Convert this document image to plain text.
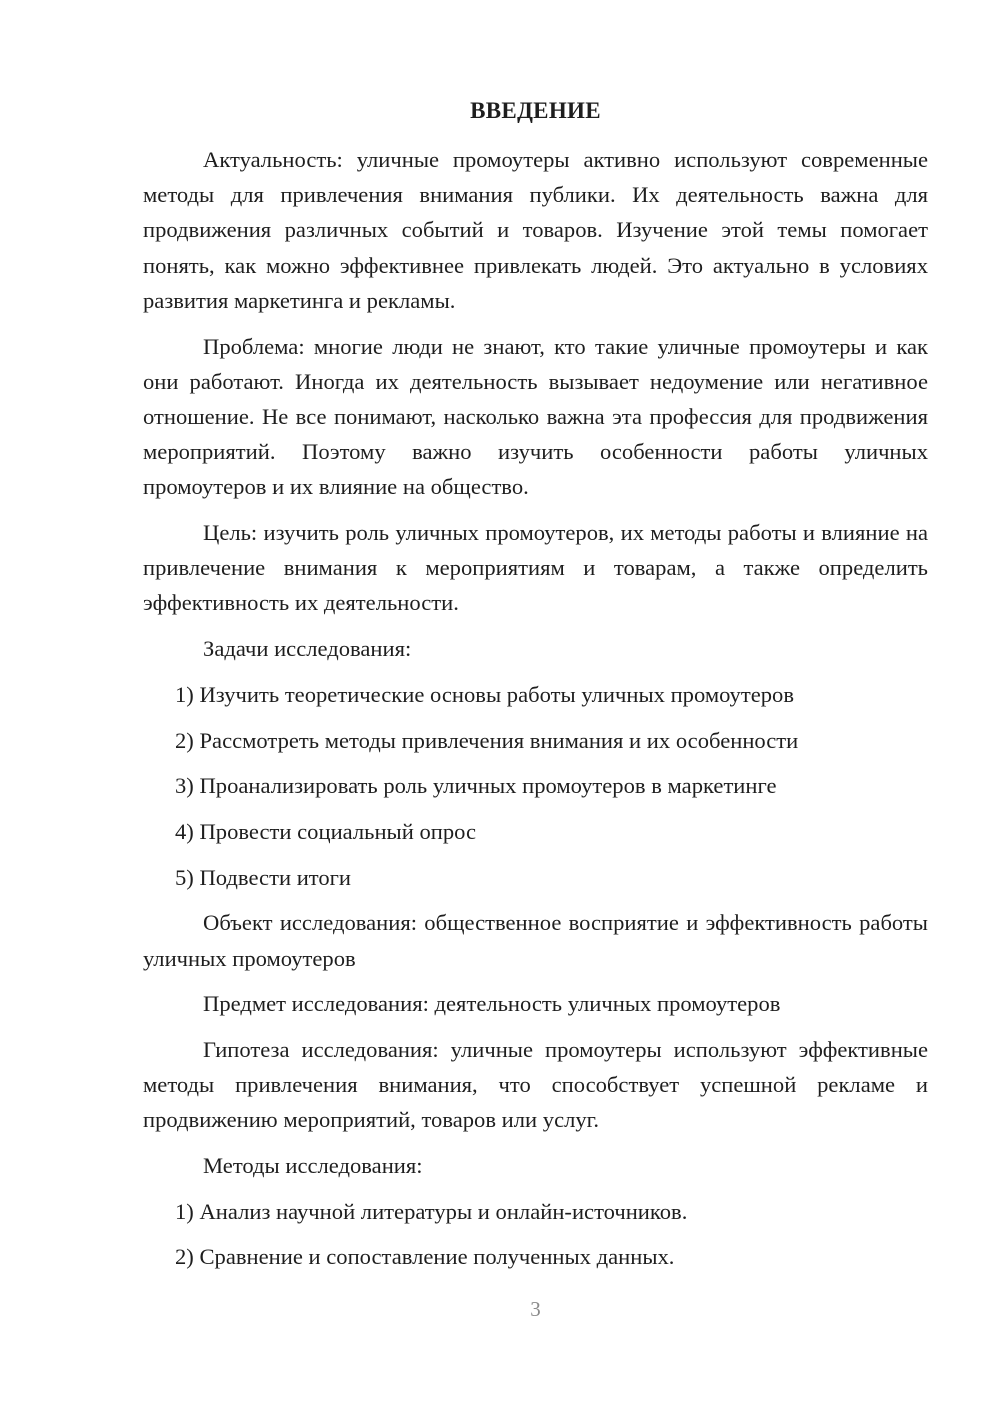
ВВЕДЕНИЕ

Актуальность: уличные промоутеры активно используют современные методы для привлечения внимания публики. Их деятельность важна для продвижения различных событий и товаров. Изучение этой темы помогает понять, как можно эффективнее привлекать людей. Это актуально в условиях развития маркетинга и рекламы.

Проблема: многие люди не знают, кто такие уличные промоутеры и как они работают. Иногда их деятельность вызывает недоумение или негативное отношение. Не все понимают, насколько важна эта профессия для продвижения мероприятий. Поэтому важно изучить особенности работы уличных промоутеров и их влияние на общество.

Цель: изучить роль уличных промоутеров, их методы работы и влияние на привлечение внимания к мероприятиям и товарам, а также определить эффективность их деятельности.

Задачи исследования:

1) Изучить теоретические основы работы уличных промоутеров

2) Рассмотреть методы привлечения внимания и их особенности

3) Проанализировать роль уличных промоутеров в маркетинге

4) Провести социальный опрос

5) Подвести итоги

Объект исследования: общественное восприятие и эффективность работы уличных промоутеров

Предмет исследования: деятельность уличных промоутеров

Гипотеза исследования: уличные промоутеры используют эффективные методы привлечения внимания, что способствует успешной рекламе и продвижению мероприятий, товаров или услуг.

Методы исследования:

1) Анализ научной литературы и онлайн-источников.

2) Сравнение и сопоставление полученных данных.

3
